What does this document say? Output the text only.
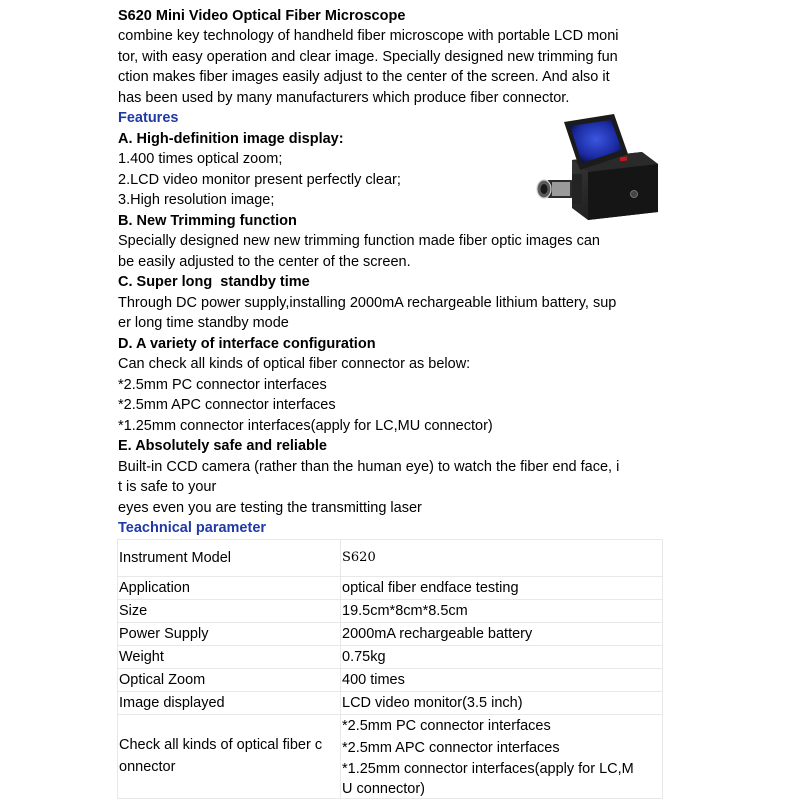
S620 Mini Video Optical Fiber Microscope
combine key technology of handheld fiber microscope with portable LCD moni
tor, with easy operation and clear image. Specially designed new trimming fun
ction makes fiber images easily adjust to the center of the screen. And also it
has been used by many manufacturers which produce fiber connector.
Features
A. High-definition image display:
1.400 times optical zoom;
2.LCD video monitor present perfectly clear;
3.High resolution image;
B. New Trimming function
Specially designed new new trimming function made fiber optic images can
be easily adjusted to the center of the screen.
C. Super long  standby time
Through DC power supply,installing 2000mA rechargeable lithium battery, sup
er long time standby mode
D. A variety of interface configuration
Can check all kinds of optical fiber connector as below:
*2.5mm PC connector interfaces
*2.5mm APC connector interfaces
*1.25mm connector interfaces(apply for LC,MU connector)
E. Absolutely safe and reliable
Built-in CCD camera (rather than the human eye) to watch the fiber end face, i
t is safe to your
eyes even you are testing the transmitting laser
Teachnical parameter
Instrument Model	S620
Application	optical fiber endface testing
Size	19.5cm*8cm*8.5cm
Power Supply	2000mA rechargeable battery
Weight	0.75kg
Optical Zoom	400 times
Image displayed	LCD video monitor(3.5 inch)

Check all kinds of optical fiber c
onnector	*2.5mm PC connector interfaces
*2.5mm APC connector interfaces
*1.25mm connector interfaces(apply for LC,M
U connector)
